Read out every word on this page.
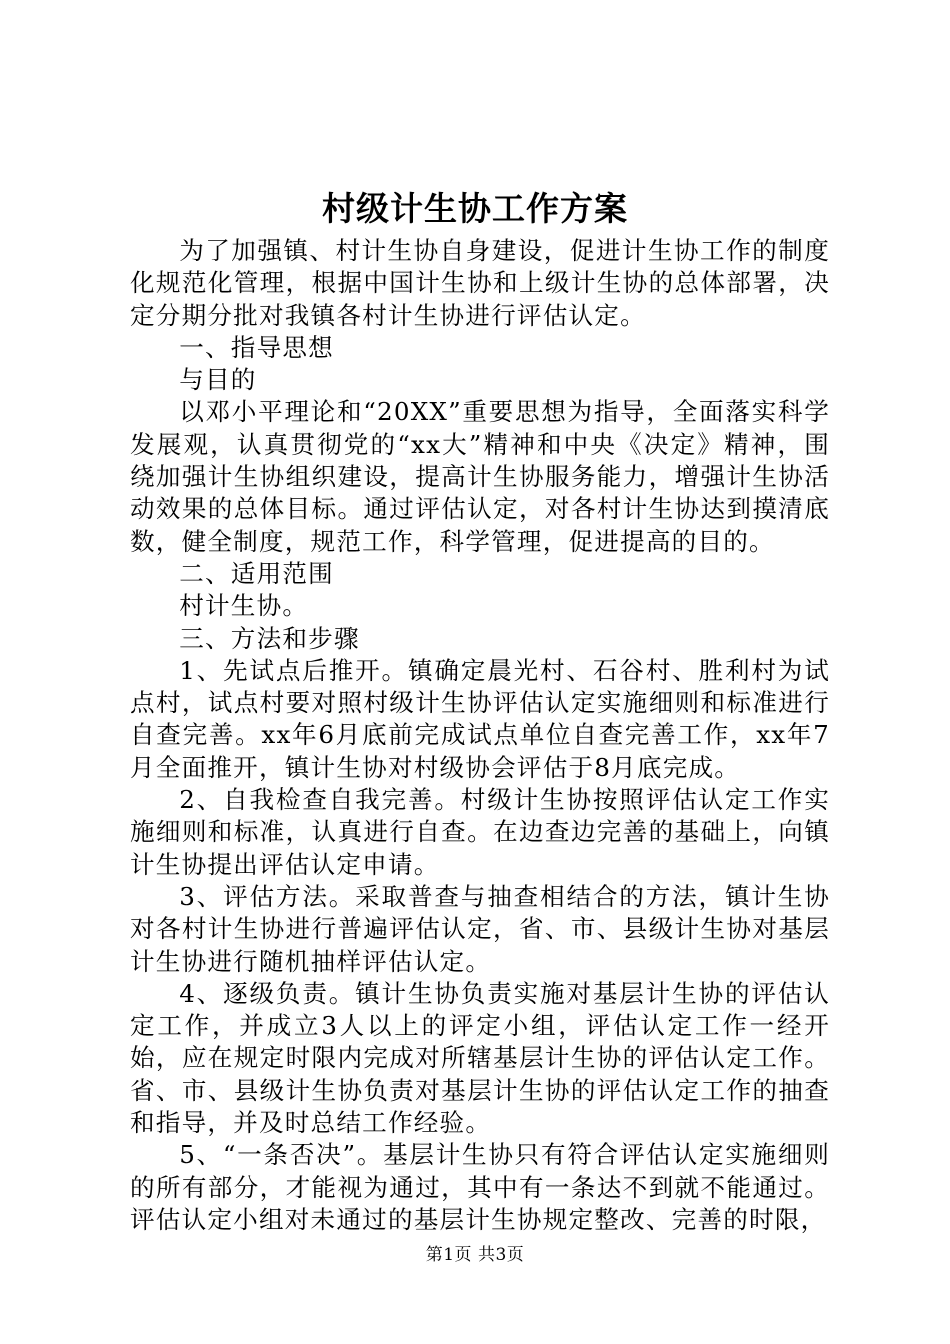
村级计生协工作方案

为了加强镇、村计生协自身建设，促进计生协工作的制度化规范化管理，根据中国计生协和上级计生协的总体部署，决定分期分批对我镇各村计生协进行评估认定。

一、指导思想

与目的

以邓小平理论和“20XX”重要思想为指导，全面落实科学发展观，认真贯彻党的“xx大”精神和中央《决定》精神，围绕加强计生协组织建设，提高计生协服务能力，增强计生协活动效果的总体目标。通过评估认定，对各村计生协达到摸清底数，健全制度，规范工作，科学管理，促进提高的目的。

二、适用范围

村计生协。

三、方法和步骤

1、先试点后推开。镇确定晨光村、石谷村、胜利村为试点村，试点村要对照村级计生协评估认定实施细则和标准进行自查完善。xx年6月底前完成试点单位自查完善工作，xx年7月全面推开，镇计生协对村级协会评估于8月底完成。

2、自我检查自我完善。村级计生协按照评估认定工作实施细则和标准，认真进行自查。在边查边完善的基础上，向镇计生协提出评估认定申请。

3、评估方法。采取普查与抽查相结合的方法，镇计生协对各村计生协进行普遍评估认定，省、市、县级计生协对基层计生协进行随机抽样评估认定。

4、逐级负责。镇计生协负责实施对基层计生协的评估认定工作，并成立3人以上的评定小组，评估认定工作一经开始，应在规定时限内完成对所辖基层计生协的评估认定工作。省、市、县级计生协负责对基层计生协的评估认定工作的抽查和指导，并及时总结工作经验。

5、“一条否决”。基层计生协只有符合评估认定实施细则的所有部分，才能视为通过，其中有一条达不到就不能通过。评估认定小组对未通过的基层计生协规定整改、完善的时限，

第1页 共3页
